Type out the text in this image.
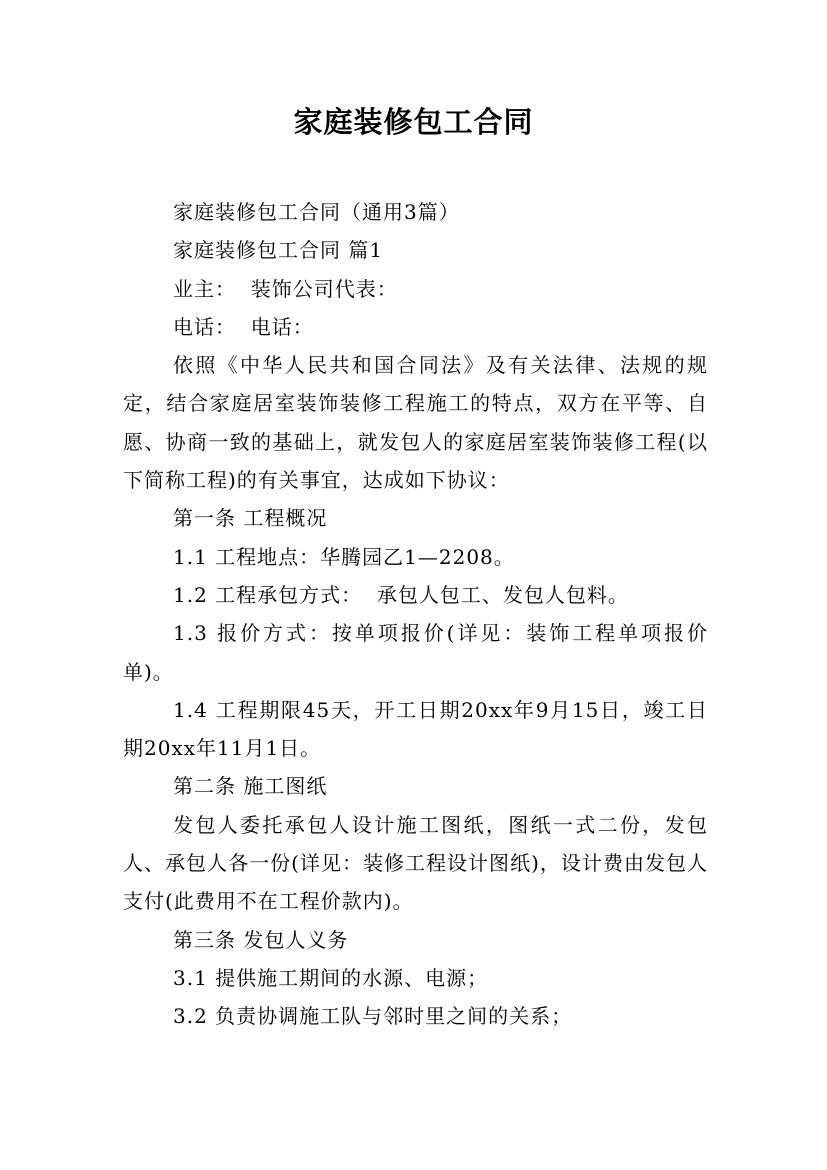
家庭装修包工合同

家庭装修包工合同（通用3篇）

家庭装修包工合同 篇1

业主：  装饰公司代表：

电话：  电话：

依照《中华人民共和国合同法》及有关法律、法规的规定，结合家庭居室装饰装修工程施工的特点，双方在平等、自愿、协商一致的基础上，就发包人的家庭居室装饰装修工程(以下简称工程)的有关事宜，达成如下协议：

第一条 工程概况

1.1 工程地点：华腾园乙1—2208。

1.2 工程承包方式：  承包人包工、发包人包料。

1.3 报价方式：按单项报价(详见：装饰工程单项报价单)。

1.4 工程期限45天，开工日期20xx年9月15日，竣工日期20xx年11月1日。

第二条 施工图纸

发包人委托承包人设计施工图纸，图纸一式二份，发包人、承包人各一份(详见：装修工程设计图纸)，设计费由发包人支付(此费用不在工程价款内)。

第三条 发包人义务

3.1 提供施工期间的水源、电源；

3.2 负责协调施工队与邻时里之间的关系；
